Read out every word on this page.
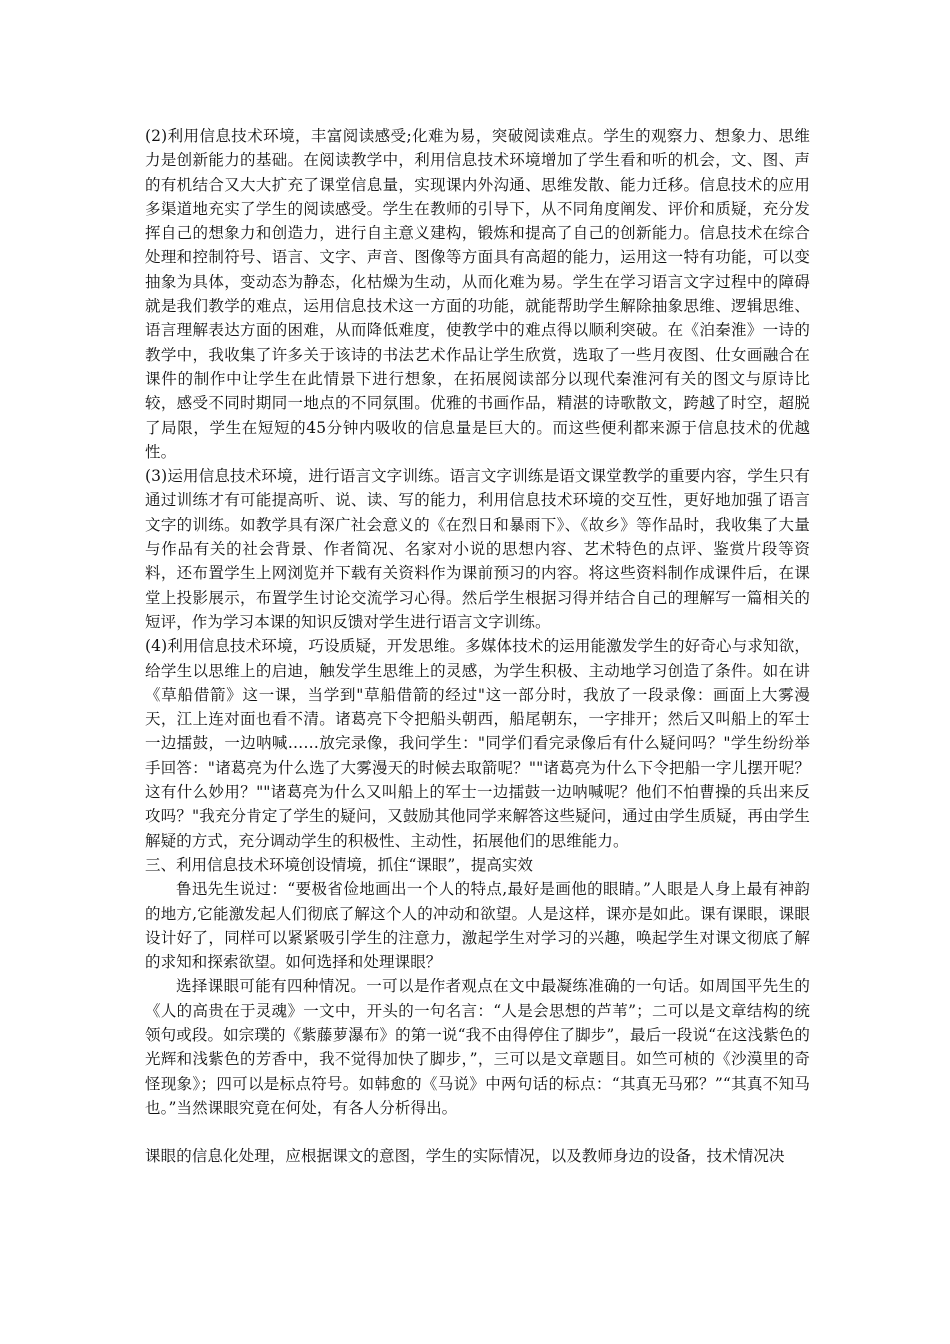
(2)利用信息技术环境，丰富阅读感受;化难为易，突破阅读难点。学生的观察力、想象力、思维力是创新能力的基础。在阅读教学中，利用信息技术环境增加了学生看和听的机会，文、图、声的有机结合又大大扩充了课堂信息量，实现课内外沟通、思维发散、能力迁移。信息技术的应用多渠道地充实了学生的阅读感受。学生在教师的引导下，从不同角度阐发、评价和质疑，充分发挥自己的想象力和创造力，进行自主意义建构，锻炼和提高了自己的创新能力。信息技术在综合处理和控制符号、语言、文字、声音、图像等方面具有高超的能力，运用这一特有功能，可以变抽象为具体，变动态为静态，化枯燥为生动，从而化难为易。学生在学习语言文字过程中的障碍就是我们教学的难点，运用信息技术这一方面的功能，就能帮助学生解除抽象思维、逻辑思维、语言理解表达方面的困难，从而降低难度，使教学中的难点得以顺利突破。在《泊秦淮》一诗的教学中，我收集了许多关于该诗的书法艺术作品让学生欣赏，选取了一些月夜图、仕女画融合在课件的制作中让学生在此情景下进行想象，在拓展阅读部分以现代秦淮河有关的图文与原诗比较，感受不同时期同一地点的不同氛围。优雅的书画作品，精湛的诗歌散文，跨越了时空，超脱了局限，学生在短短的45分钟内吸收的信息量是巨大的。而这些便利都来源于信息技术的优越性。

(3)运用信息技术环境，进行语言文字训练。语言文字训练是语文课堂教学的重要内容，学生只有通过训练才有可能提高听、说、读、写的能力，利用信息技术环境的交互性，更好地加强了语言文字的训练。如教学具有深广社会意义的《在烈日和暴雨下》、《故乡》等作品时，我收集了大量与作品有关的社会背景、作者简况、名家对小说的思想内容、艺术特色的点评、鉴赏片段等资料，还布置学生上网浏览并下载有关资料作为课前预习的内容。将这些资料制作成课件后，在课堂上投影展示，布置学生讨论交流学习心得。然后学生根据习得并结合自己的理解写一篇相关的短评，作为学习本课的知识反馈对学生进行语言文字训练。

(4)利用信息技术环境，巧设质疑，开发思维。多媒体技术的运用能激发学生的好奇心与求知欲，给学生以思维上的启迪，触发学生思维上的灵感，为学生积极、主动地学习创造了条件。如在讲《草船借箭》这一课，当学到"草船借箭的经过"这一部分时，我放了一段录像：画面上大雾漫天，江上连对面也看不清。诸葛亮下令把船头朝西，船尾朝东，一字排开；然后又叫船上的军士一边擂鼓，一边呐喊……放完录像，我问学生："同学们看完录像后有什么疑问吗？"学生纷纷举手回答："诸葛亮为什么选了大雾漫天的时候去取箭呢？""诸葛亮为什么下令把船一字儿摆开呢？这有什么妙用？""诸葛亮为什么又叫船上的军士一边擂鼓一边呐喊呢？他们不怕曹操的兵出来反攻吗？"我充分肯定了学生的疑问，又鼓励其他同学来解答这些疑问，通过由学生质疑，再由学生解疑的方式，充分调动学生的积极性、主动性，拓展他们的思维能力。

三、利用信息技术环境创设情境，抓住“课眼”，提高实效

鲁迅先生说过：“要极省俭地画出一个人的特点,最好是画他的眼睛。”人眼是人身上最有神韵的地方,它能激发起人们彻底了解这个人的冲动和欲望。人是这样，课亦是如此。课有课眼，课眼设计好了，同样可以紧紧吸引学生的注意力，激起学生对学习的兴趣，唤起学生对课文彻底了解的求知和探索欲望。如何选择和处理课眼？

选择课眼可能有四种情况。一可以是作者观点在文中最凝练准确的一句话。如周国平先生的《人的高贵在于灵魂》一文中，开头的一句名言：“人是会思想的芦苇”；二可以是文章结构的统领句或段。如宗璞的《紫藤萝瀑布》的第一说“我不由得停住了脚步”，最后一段说“在这浅紫色的光辉和浅紫色的芳香中，我不觉得加快了脚步，”，三可以是文章题目。如竺可桢的《沙漠里的奇怪现象》；四可以是标点符号。如韩愈的《马说》中两句话的标点：“其真无马邪？”“其真不知马也。”当然课眼究竟在何处，有各人分析得出。

课眼的信息化处理，应根据课文的意图，学生的实际情况，以及教师身边的设备，技术情况决
